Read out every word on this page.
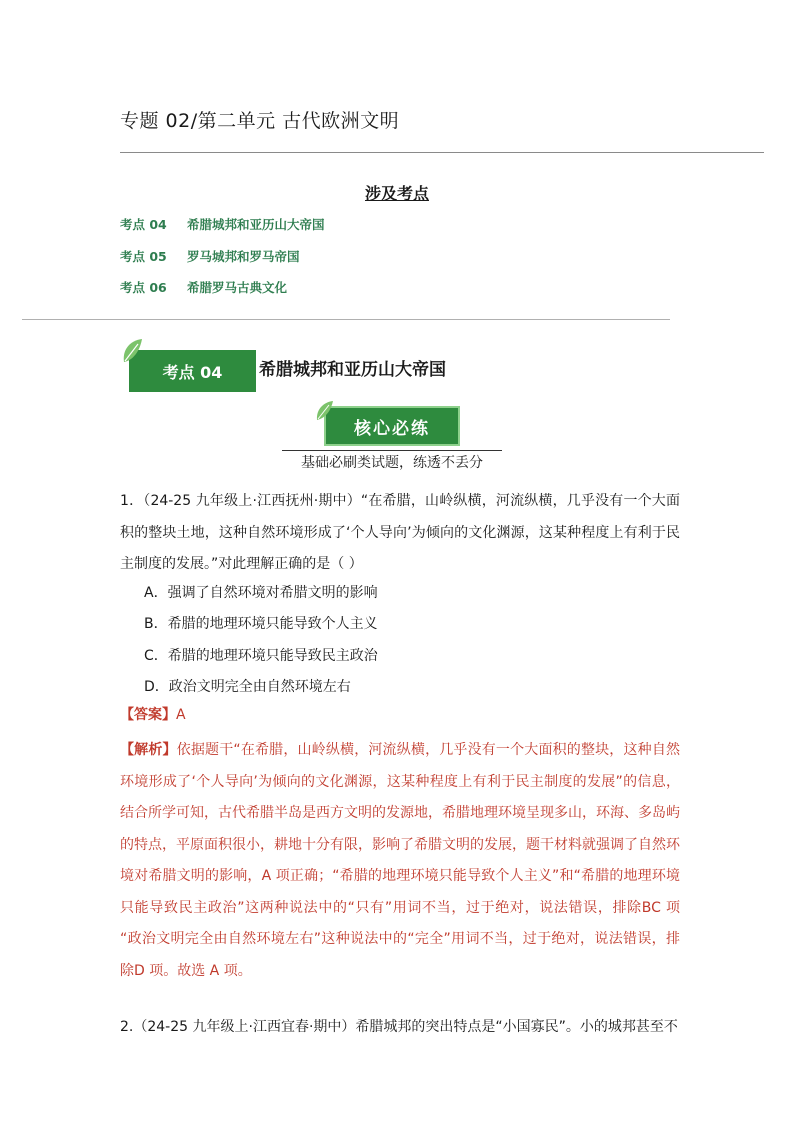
专题 02/第二单元 古代欧洲文明
涉及考点
考点 04 希腊城邦和亚历山大帝国
考点 05 罗马城邦和罗马帝国
考点 06 希腊罗马古典文化
考点 04	希腊城邦和亚历山大帝国
核心必练
基础必刷类试题，练透不丢分
1．（24-25 九年级上·江西抚州·期中）“在希腊，山岭纵横，河流纵横，几乎没有一个大面积的整块土地，这种自然环境形成了‘个人导向’为倾向的文化渊源，这某种程度上有利于民主制度的发展。”对此理解正确的是（ ）
A．强调了自然环境对希腊文明的影响
B．希腊的地理环境只能导致个人主义
C．希腊的地理环境只能导致民主政治
D．政治文明完全由自然环境左右
【答案】A
【解析】依据题干“在希腊，山岭纵横，河流纵横，几乎没有一个大面积的整块，这种自然环境形成了‘个人导向’为倾向的文化渊源，这某种程度上有利于民主制度的发展”的信息，结合所学可知，古代希腊半岛是西方文明的发源地，希腊地理环境呈现多山，环海、多岛屿的特点，平原面积很小，耕地十分有限，影响了希腊文明的发展，题干材料就强调了自然环境对希腊文明的影响，A 项正确；“希腊的地理环境只能导致个人主义”和“希腊的地理环境只能导致民主政治”这两种说法中的“只有”用词不当，过于绝对，说法错误，排除BC 项 “政治文明完全由自然环境左右”这种说法中的“完全”用词不当，过于绝对，说法错误，排除D 项。故选 A 项。
2.（24-25 九年级上·江西宜春·期中）希腊城邦的突出特点是“小国寡民”。小的城邦甚至不
